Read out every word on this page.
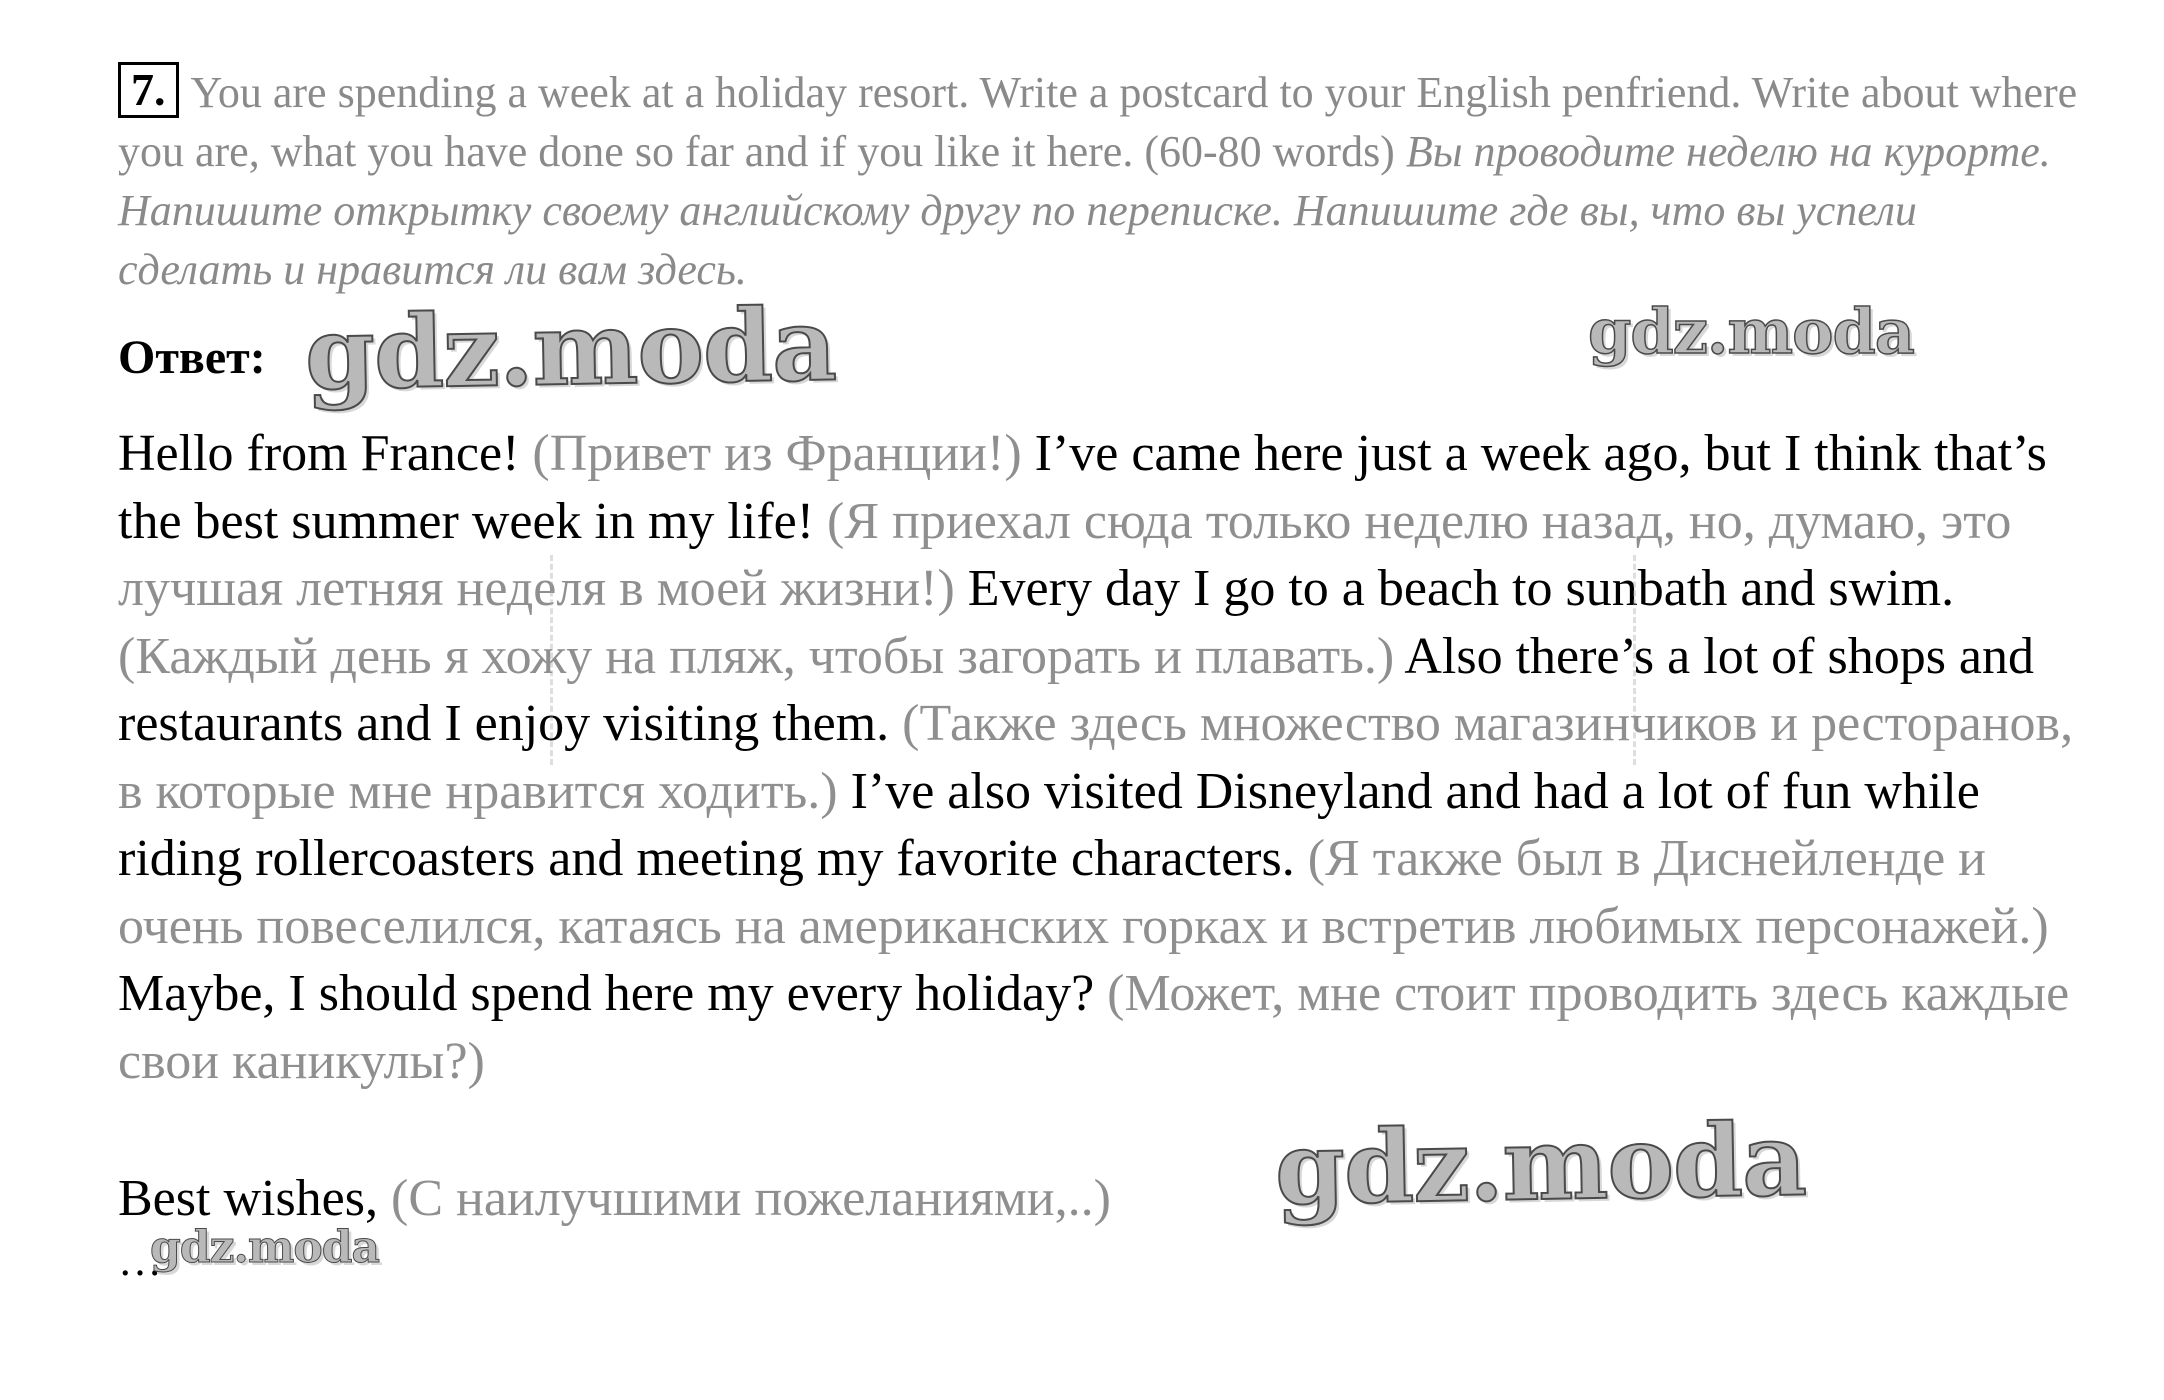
7. You are spending a week at a holiday resort. Write a postcard to your English penfriend. Write about where you are, what you have done so far and if you like it here. (60-80 words) Вы проводите неделю на курорте. Напишите открытку своему английскому другу по переписке. Напишите где вы, что вы успели сделать и нравится ли вам здесь.
Ответ:
Hello from France! (Привет из Франции!) I’ve came here just a week ago, but I think that’s the best summer week in my life! (Я приехал сюда только неделю назад, но, думаю, это лучшая летняя неделя в моей жизни!) Every day I go to a beach to sunbath and swim. (Каждый день я хожу на пляж, чтобы загорать и плавать.) Also there’s a lot of shops and restaurants and I enjoy visiting them. (Также здесь множество магазинчиков и ресторанов, в которые мне нравится ходить.) I’ve also visited Disneyland and had a lot of fun while riding rollercoasters and meeting my favorite characters. (Я также был в Диснейленде и очень повеселился, катаясь на американских горках и встретив любимых персонажей.) Maybe, I should spend here my every holiday? (Может, мне стоит проводить здесь каждые свои каникулы?)
Best wishes, (С наилучшими пожеланиями,..)
…
gdz.moda	gdz.moda
gdz.moda
gdz.moda
